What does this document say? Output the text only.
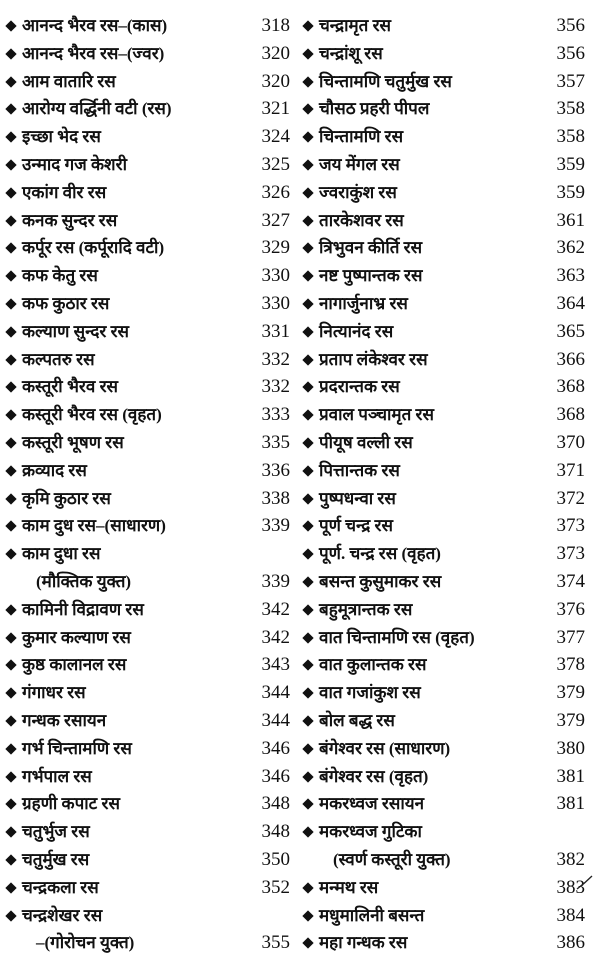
आनन्द भैरव रस–(कास)	318
आनन्द भैरव रस–(ज्वर)	320
आम वातारि रस	320
आरोग्य वर्द्धिनी वटी (रस)	321
इच्छा भेद रस	324
उन्माद गज केशरी	325
एकांग वीर रस	326
कनक सुन्दर रस	327
कर्पूर रस (कर्पूरादि वटी)	329
कफ केतु रस	330
कफ कुठार रस	330
कल्याण सुन्दर रस	331
कल्पतरु रस	332
कस्तूरी भैरव रस	332
कस्तूरी भैरव रस (वृहत)	333
कस्तूरी भूषण रस	335
क्रव्याद रस	336
कृमि कुठार रस	338
काम दुध रस–(साधारण)	339
काम दुधा रस
(मौक्तिक युक्त)	339
कामिनी विद्रावण रस	342
कुमार कल्याण रस	342
कुष्ठ कालानल रस	343
गंगाधर रस	344
गन्धक रसायन	344
गर्भ चिन्तामणि रस	346
गर्भपाल रस	346
ग्रहणी कपाट रस	348
चतुर्भुज रस	348
चतुर्मुख रस	350
चन्द्रकला रस	352
चन्द्रशेखर रस
–(गोरोचन युक्त)	355
चन्द्रामृत रस	356
चन्द्रांशू रस	356
चिन्तामणि चतुर्मुख रस	357
चौसठ प्रहरी पीपल	358
चिन्तामणि रस	358
जय मेंगल रस	359
ज्वराकुंश रस	359
तारकेशवर रस	361
त्रिभुवन कीर्ति रस	362
नष्ट पुष्पान्तक रस	363
नागार्जुनाभ्र रस	364
नित्यानंद रस	365
प्रताप लंकेश्वर रस	366
प्रदरान्तक रस	368
प्रवाल पञ्चामृत रस	368
पीयूष वल्ली रस	370
पित्तान्तक रस	371
पुष्पधन्वा रस	372
पूर्ण चन्द्र रस	373
पूर्ण. चन्द्र रस (वृहत)	373
बसन्त कुसुमाकर रस	374
बहुमूत्रान्तक रस	376
वात चिन्तामणि रस (वृहत)	377
वात कुलान्तक रस	378
वात गजांकुश रस	379
बोल बद्ध रस	379
बंगेश्वर रस (साधारण)	380
बंगेश्वर रस (वृहत)	381
मकरध्वज रसायन	381
मकरध्वज गुटिका
(स्वर्ण कस्तूरी युक्त)	382
मन्मथ रस	383
मधुमालिनी बसन्त	384
महा गन्धक रस	386
